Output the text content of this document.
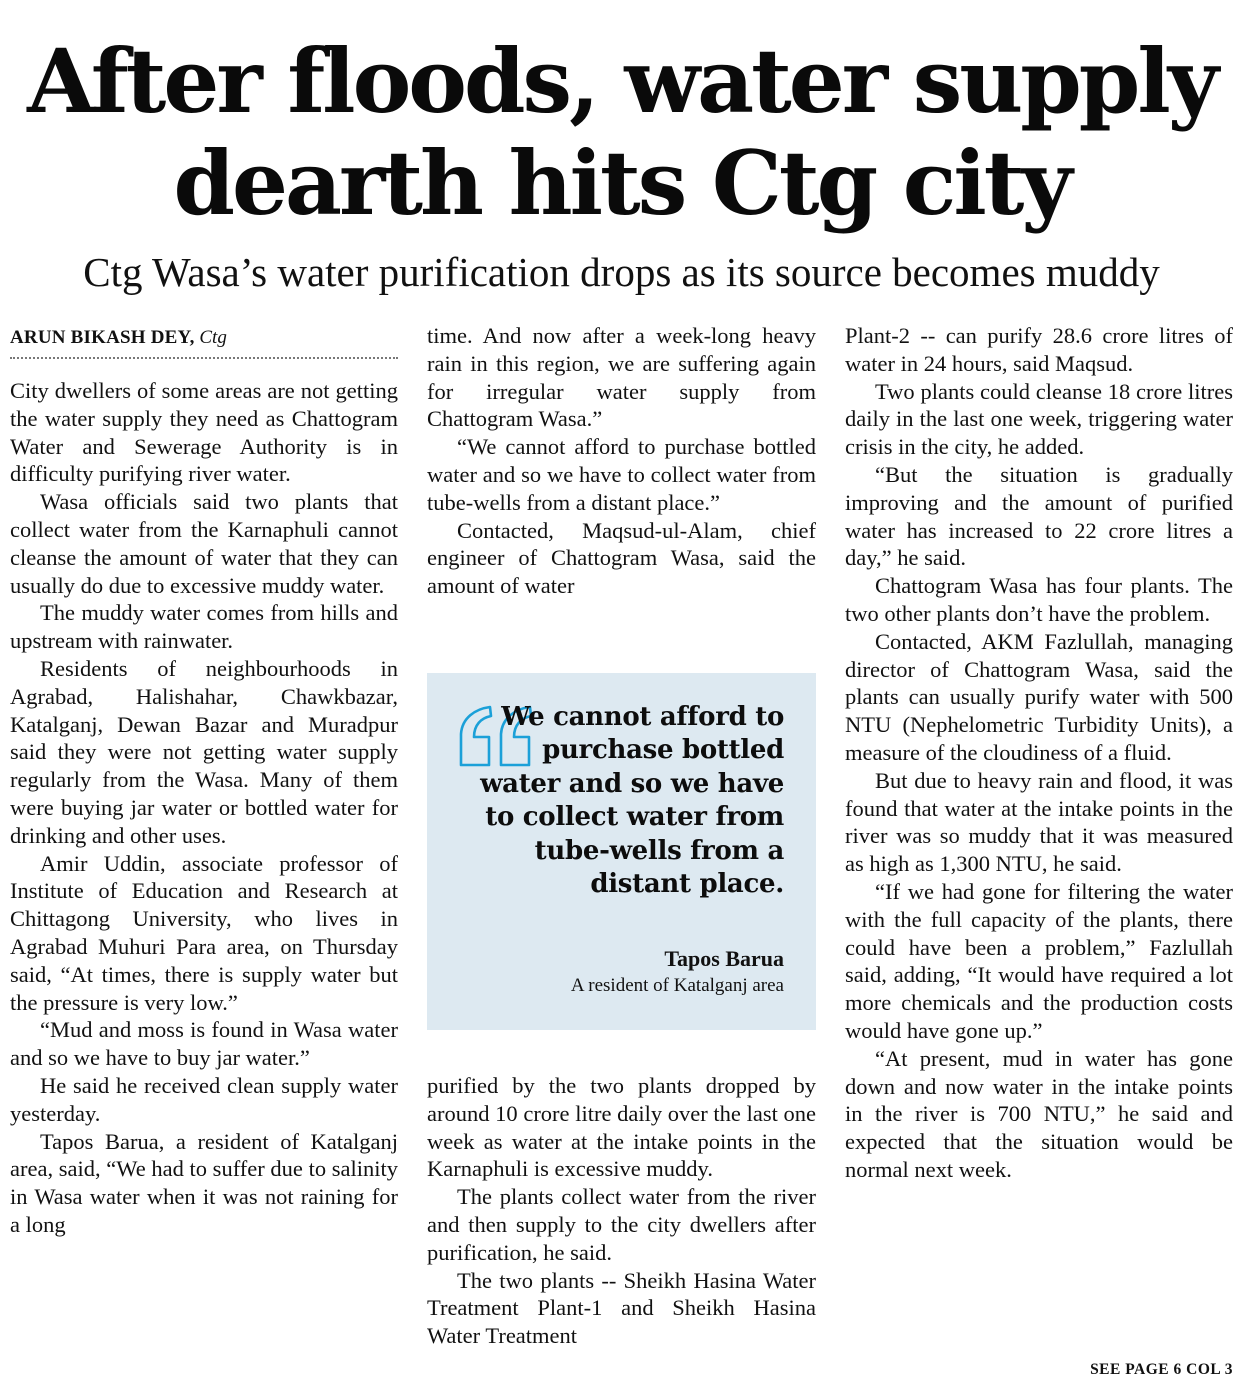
After floods, water supply
dearth hits Ctg city
Ctg Wasa’s water purification drops as its source becomes muddy
ARUN BIKASH DEY, Ctg

City dwellers of some areas are not getting the water supply they need as Chattogram Water and Sewerage Authority is in difficulty purifying river water.

Wasa officials said two plants that collect water from the Karnaphuli cannot cleanse the amount of water that they can usually do due to excessive muddy water.

The muddy water comes from hills and upstream with rainwater.

Residents of neighbourhoods in Agrabad, Halishahar, Chawkbazar, Katalganj, Dewan Bazar and Muradpur said they were not getting water supply regularly from the Wasa. Many of them were buying jar water or bottled water for drinking and other uses.

Amir Uddin, associate professor of Institute of Education and Research at Chittagong University, who lives in Agrabad Muhuri Para area, on Thursday said, “At times, there is supply water but the pressure is very low.”

“Mud and moss is found in Wasa water and so we have to buy jar water.”

He said he received clean supply water yesterday.

Tapos Barua, a resident of Katalganj area, said, “We had to suffer due to salinity in Wasa water when it was not raining for a long

time. And now after a week-long heavy rain in this region, we are suffering again for irregular water supply from Chattogram Wasa.”

“We cannot afford to purchase bottled water and so we have to collect water from tube-wells from a distant place.”

Contacted, Maqsud-ul-Alam, chief engineer of Chattogram Wasa, said the amount of water

We cannot afford to purchase bottled water and so we have to collect water from tube-wells from a distant place.

Tapos Barua
A resident of Katalganj area

purified by the two plants dropped by around 10 crore litre daily over the last one week as water at the intake points in the Karnaphuli is excessive muddy.

The plants collect water from the river and then supply to the city dwellers after purification, he said.

The two plants -- Sheikh Hasina Water Treatment Plant-1 and Sheikh Hasina Water Treatment

Plant-2 -- can purify 28.6 crore litres of water in 24 hours, said Maqsud.

Two plants could cleanse 18 crore litres daily in the last one week, triggering water crisis in the city, he added.

“But the situation is gradually improving and the amount of purified water has increased to 22 crore litres a day,” he said.

Chattogram Wasa has four plants. The two other plants don’t have the problem.

Contacted, AKM Fazlullah, managing director of Chattogram Wasa, said the plants can usually purify water with 500 NTU (Nephelometric Turbidity Units), a measure of the cloudiness of a fluid.

But due to heavy rain and flood, it was found that water at the intake points in the river was so muddy that it was measured as high as 1,300 NTU, he said.

“If we had gone for filtering the water with the full capacity of the plants, there could have been a problem,” Fazlullah said, adding, “It would have required a lot more chemicals and the production costs would have gone up.”

“At present, mud in water has gone down and now water in the intake points in the river is 700 NTU,” he said and expected that the situation would be normal next week.

SEE PAGE 6 COL 3
